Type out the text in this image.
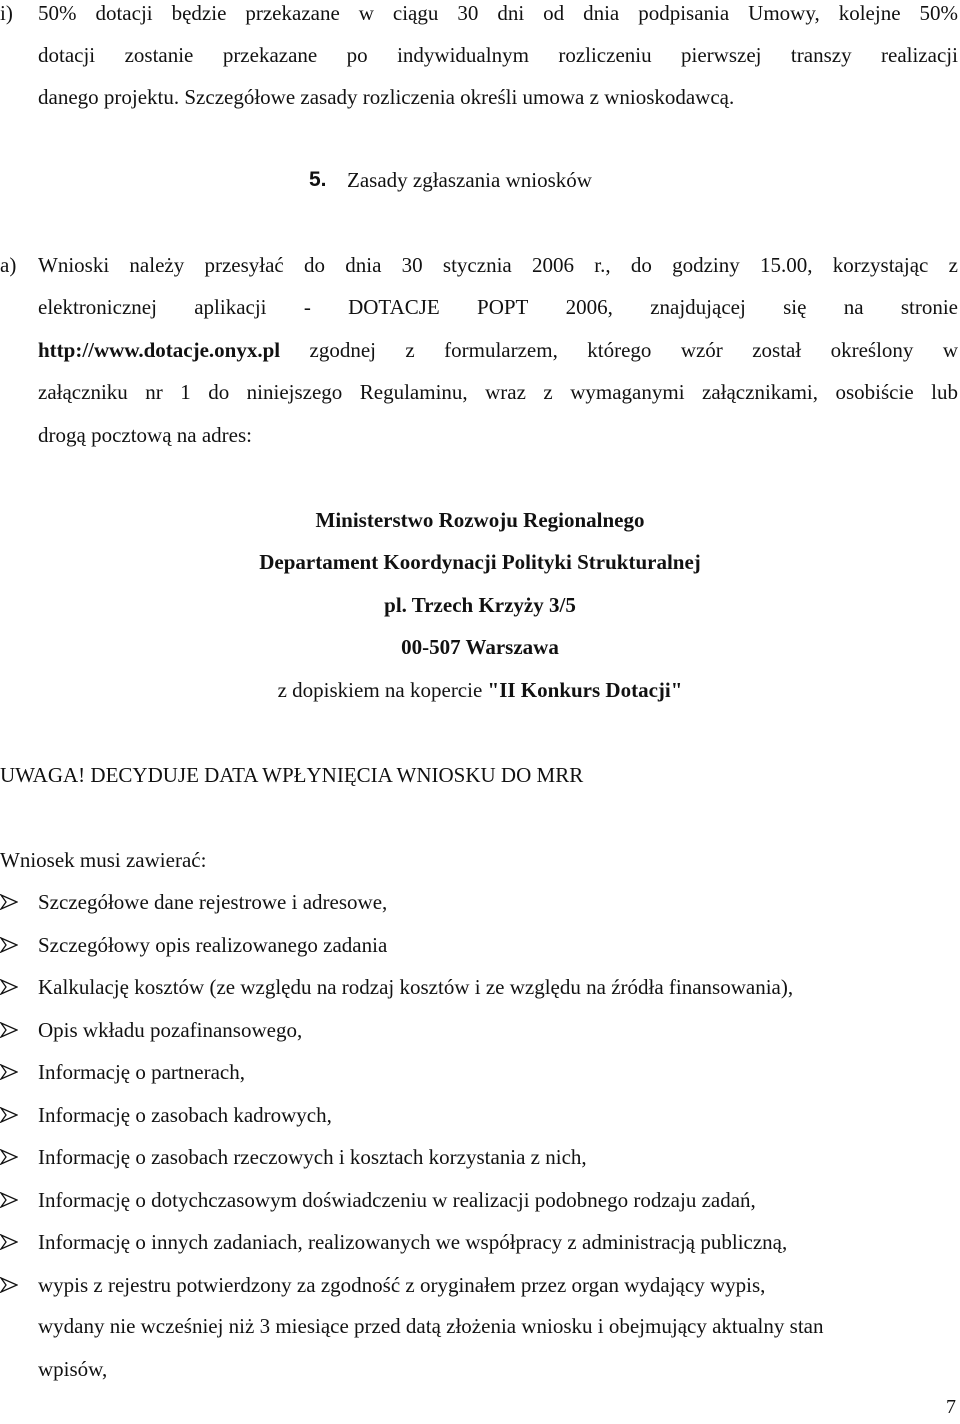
i) 50% dotacji będzie przekazane w ciągu 30 dni od dnia podpisania Umowy, kolejne 50%
dotacji zostanie przekazane po indywidualnym rozliczeniu pierwszej transzy realizacji
danego projektu. Szczegółowe zasady rozliczenia określi umowa z wnioskodawcą.
5. Zasady zgłaszania wniosków
a) Wnioski należy przesyłać do dnia 30 stycznia 2006 r., do godziny 15.00, korzystając z
elektronicznej aplikacji - DOTACJE POPT 2006, znajdującej się na stronie
http://www.dotacje.onyx.pl zgodnej z formularzem, którego wzór został określony w
załączniku nr 1 do niniejszego Regulaminu, wraz z wymaganymi załącznikami, osobiście lub
drogą pocztową na adres:
Ministerstwo Rozwoju Regionalnego
Departament Koordynacji Polityki Strukturalnej
pl. Trzech Krzyży 3/5
00-507 Warszawa
z dopiskiem na kopercie "II Konkurs Dotacji"
UWAGA! DECYDUJE DATA WPŁYNIĘCIA WNIOSKU DO MRR
Wniosek musi zawierać:
Szczegółowe dane rejestrowe i adresowe,
Szczegółowy opis realizowanego zadania
Kalkulację kosztów (ze względu na rodzaj kosztów i ze względu na źródła finansowania),
Opis wkładu pozafinansowego,
Informację o partnerach,
Informację o zasobach kadrowych,
Informację o zasobach rzeczowych i kosztach korzystania z nich,
Informację o dotychczasowym doświadczeniu w realizacji podobnego rodzaju zadań,
Informację o innych zadaniach, realizowanych we współpracy z administracją publiczną,
wypis z rejestru potwierdzony za zgodność z oryginałem przez organ wydający wypis,
wydany nie wcześniej niż 3 miesiące przed datą złożenia wniosku i obejmujący aktualny stan
wpisów,
7
